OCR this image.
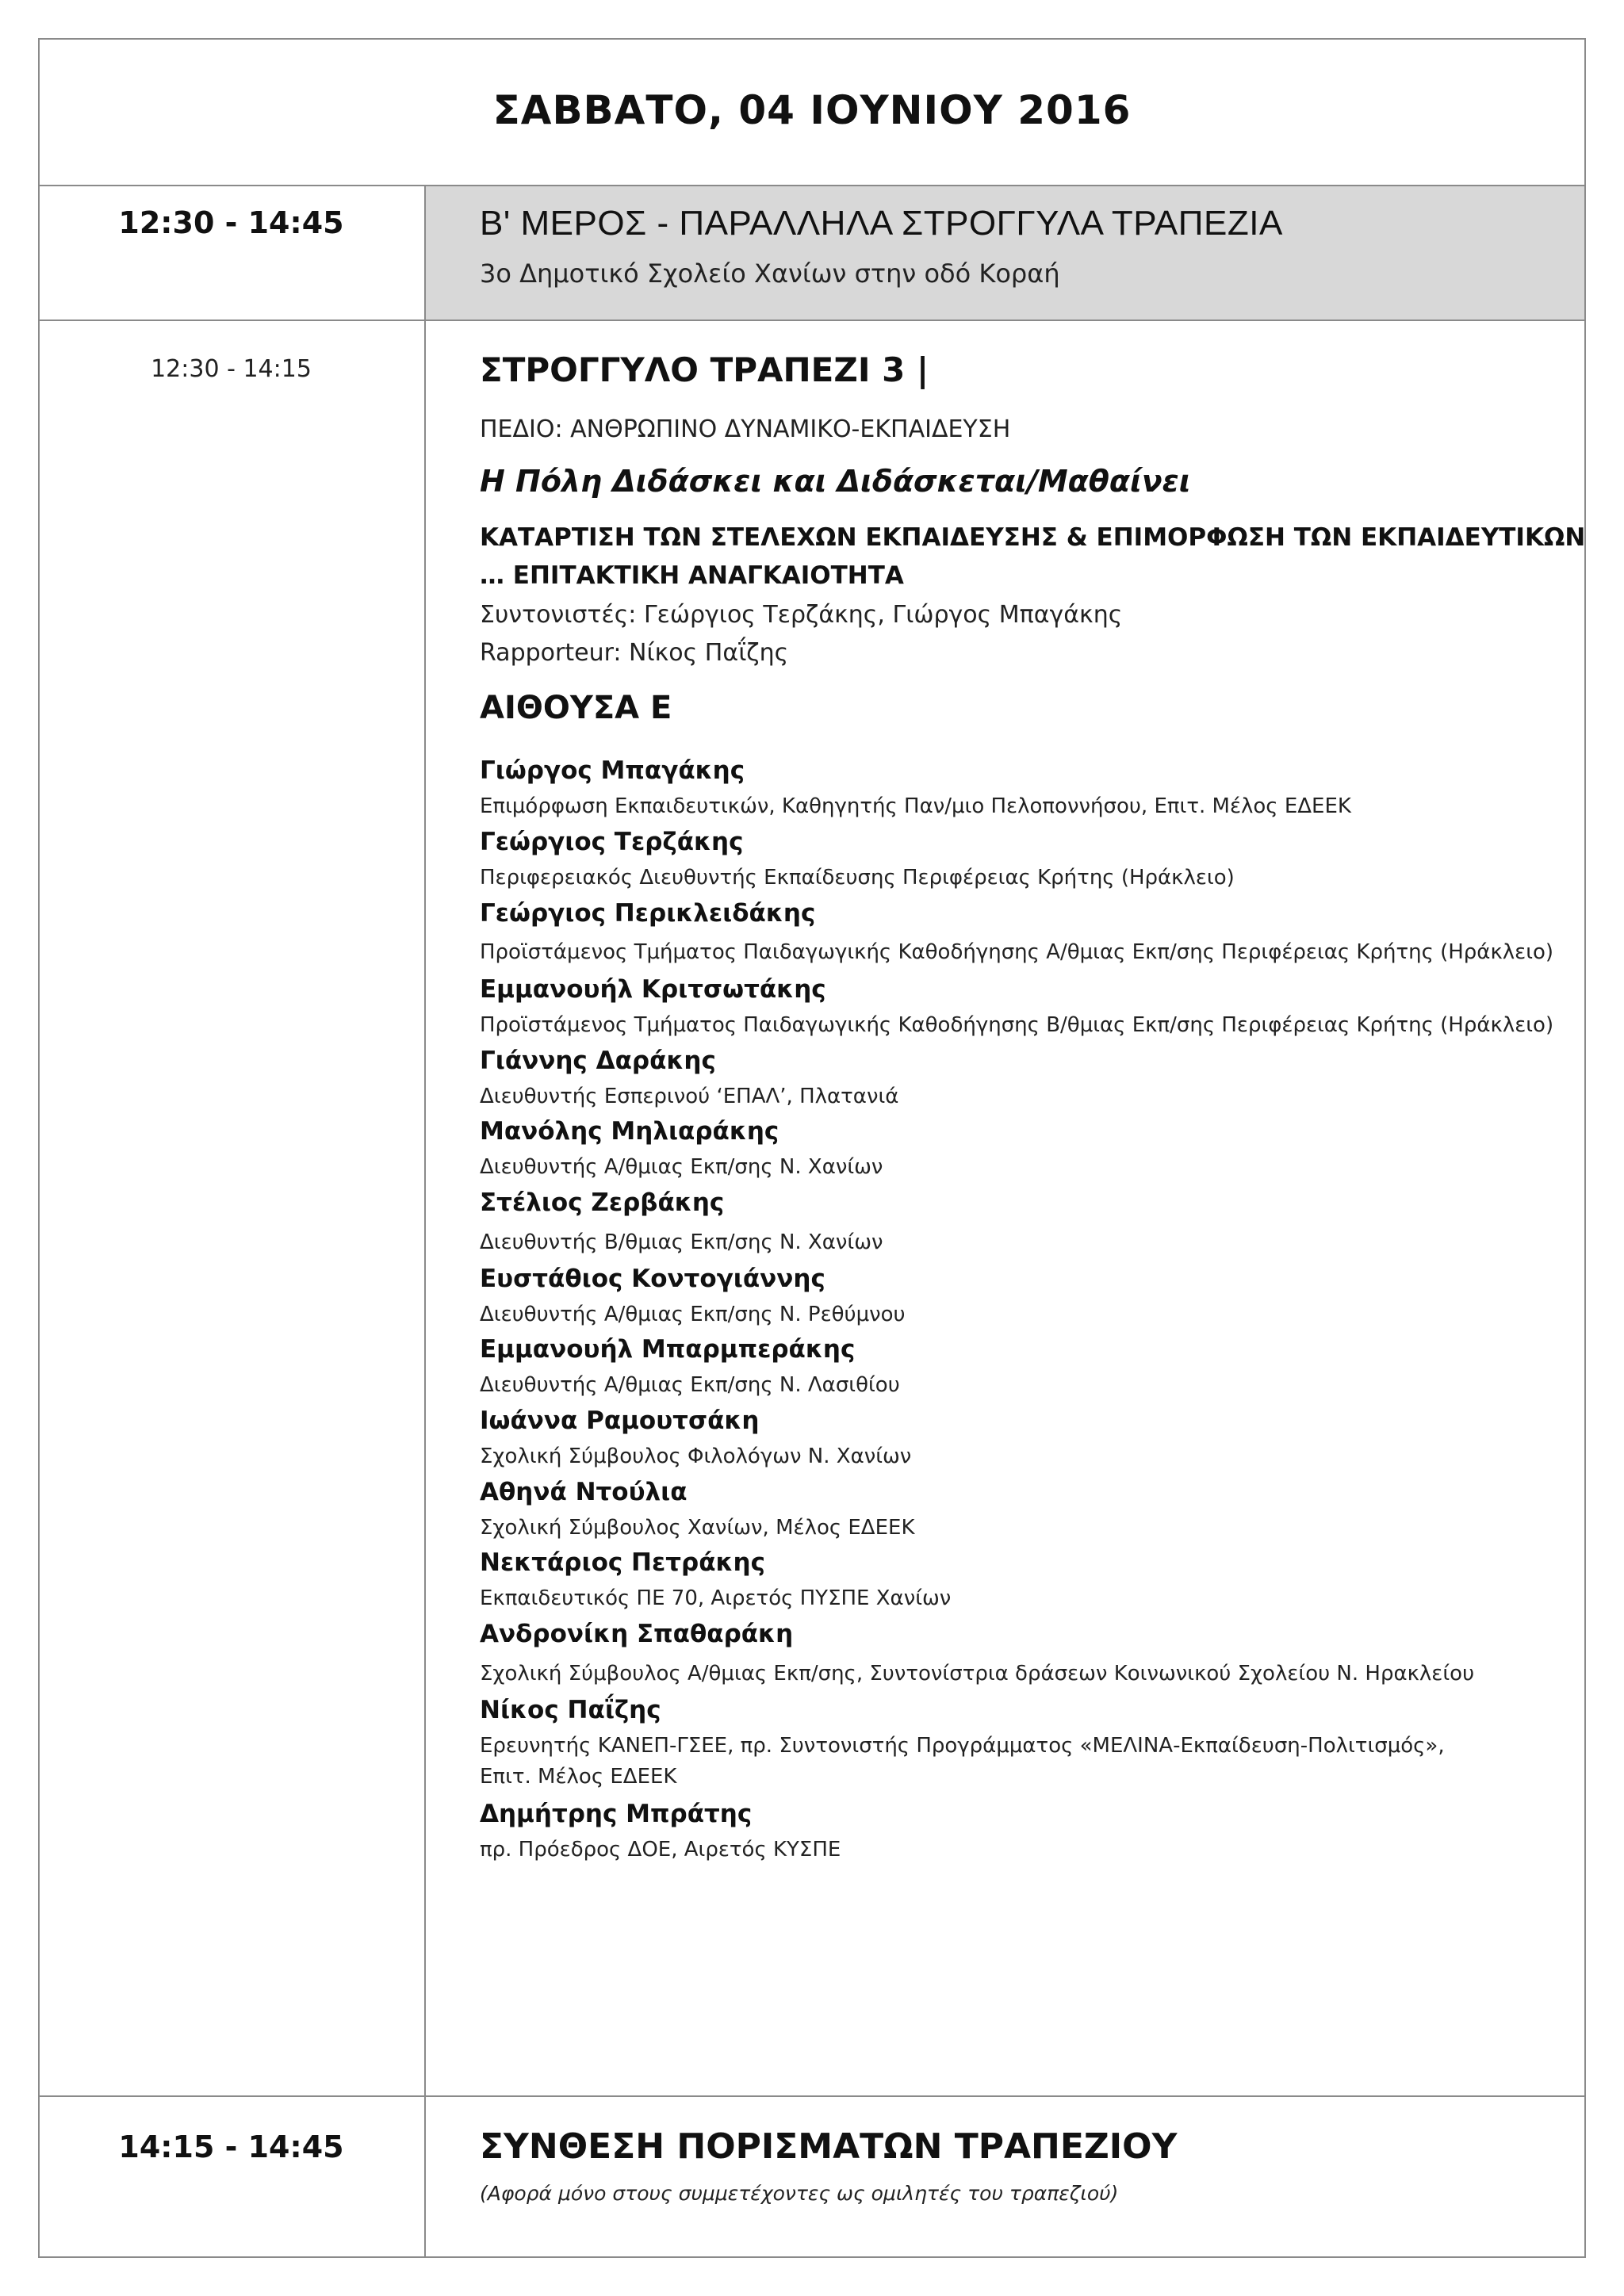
ΣΑΒΒΑΤΟ, 04 ΙΟΥΝΙΟΥ 2016
12:30 - 14:45	Β' ΜΕΡΟΣ - ΠΑΡΑΛΛΗΛΑ ΣΤΡΟΓΓΥΛΑ ΤΡΑΠΕΖΙΑ
3ο Δημοτικό Σχολείο Χανίων στην οδό Κοραή
12:30 - 14:15	ΣΤΡΟΓΓΥΛΟ ΤΡΑΠΕΖΙ 3 |
ΠΕΔΙΟ: ΑΝΘΡΩΠΙΝΟ ΔΥΝΑΜΙΚΟ-ΕΚΠΑΙΔΕΥΣΗ
Η Πόλη Διδάσκει και Διδάσκεται/Μαθαίνει
ΚΑΤΑΡΤΙΣΗ ΤΩΝ ΣΤΕΛΕΧΩΝ ΕΚΠΑΙΔΕΥΣΗΣ & ΕΠΙΜΟΡΦΩΣΗ ΤΩΝ ΕΚΠΑΙΔΕΥΤΙΚΩΝ
… ΕΠΙΤΑΚΤΙΚΗ ΑΝΑΓΚΑΙΟΤΗΤΑ
Συντονιστές: Γεώργιος Τερζάκης, Γιώργος Μπαγάκης
Rapporteur: Νίκος Παΐζης
ΑΙΘΟΥΣΑ Ε
Γιώργος Μπαγάκης
Επιμόρφωση Εκπαιδευτικών, Καθηγητής Παν/μιο Πελοποννήσου, Επιτ. Μέλος ΕΔΕΕΚ
Γεώργιος Τερζάκης
Περιφερειακός Διευθυντής Εκπαίδευσης Περιφέρειας Κρήτης (Ηράκλειο)
Γεώργιος Περικλειδάκης
Προϊστάμενος Τμήματος Παιδαγωγικής Καθοδήγησης Α/θμιας Εκπ/σης Περιφέρειας Κρήτης (Ηράκλειο)
Εμμανουήλ Κριτσωτάκης
Προϊστάμενος Τμήματος Παιδαγωγικής Καθοδήγησης Β/θμιας Εκπ/σης Περιφέρειας Κρήτης (Ηράκλειο)
Γιάννης Δαράκης
Διευθυντής Εσπερινού ‘ΕΠΑΛ’, Πλατανιά
Μανόλης Μηλιαράκης
Διευθυντής Α/θμιας Εκπ/σης Ν. Χανίων
Στέλιος Ζερβάκης
Διευθυντής Β/θμιας Εκπ/σης Ν. Χανίων
Ευστάθιος Κοντογιάννης
Διευθυντής Α/θμιας Εκπ/σης Ν. Ρεθύμνου
Εμμανουήλ Μπαρμπεράκης
Διευθυντής Α/θμιας Εκπ/σης Ν. Λασιθίου
Ιωάννα Ραμουτσάκη
Σχολική Σύμβουλος Φιλολόγων Ν. Χανίων
Αθηνά Ντούλια
Σχολική Σύμβουλος Χανίων, Μέλος ΕΔΕΕΚ
Νεκτάριος Πετράκης
Εκπαιδευτικός ΠΕ 70, Αιρετός ΠΥΣΠΕ Χανίων
Ανδρονίκη Σπαθαράκη
Σχολική Σύμβουλος Α/θμιας Εκπ/σης, Συντονίστρια δράσεων Κοινωνικού Σχολείου Ν. Ηρακλείου
Νίκος Παΐζης
Ερευνητής ΚΑΝΕΠ-ΓΣΕΕ, πρ. Συντονιστής Προγράμματος «ΜΕΛΙΝΑ-Εκπαίδευση-Πολιτισμός»,
Επιτ. Μέλος ΕΔΕΕΚ
Δημήτρης Μπράτης
πρ. Πρόεδρος ΔΟΕ, Αιρετός ΚΥΣΠΕ
14:15 - 14:45	ΣΥΝΘΕΣΗ ΠΟΡΙΣΜΑΤΩΝ ΤΡΑΠΕΖΙΟΥ
(Αφορά μόνο στους συμμετέχοντες ως ομιλητές του τραπεζιού)
